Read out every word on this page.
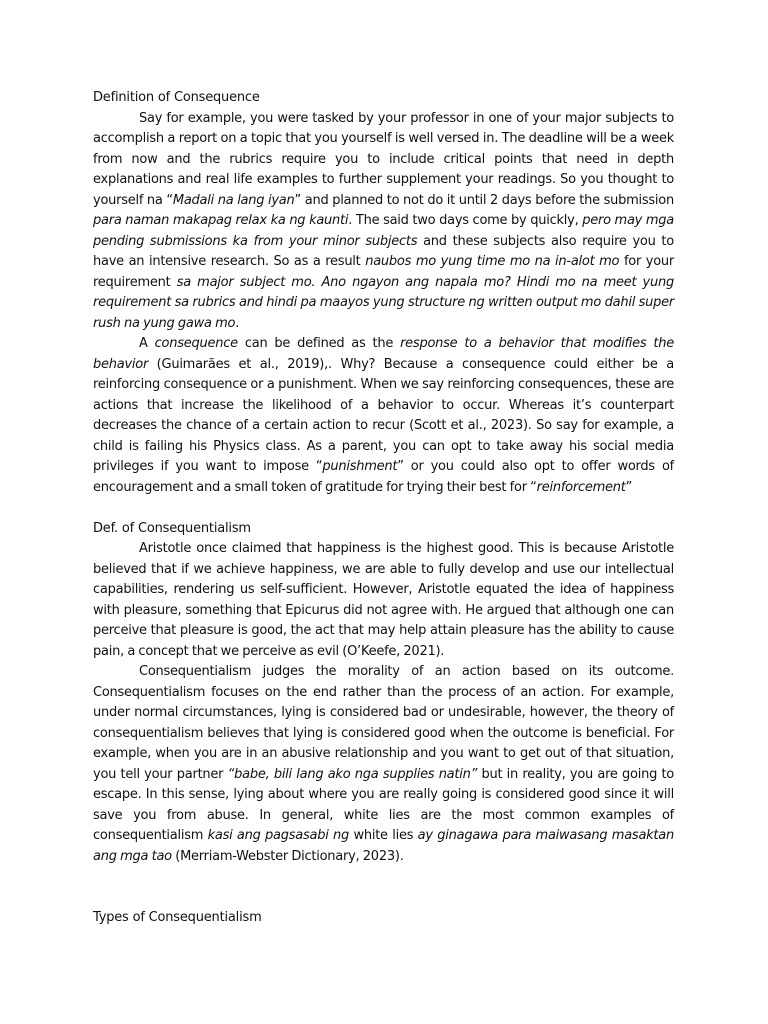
Definition of Consequence

Say for example, you were tasked by your professor in one of your major subjects to accomplish a report on a topic that you yourself is well versed in. The deadline will be a week from now and the rubrics require you to include critical points that need in depth explanations and real life examples to further supplement your readings. So you thought to yourself na “Madali na lang iyan” and planned to not do it until 2 days before the submission para naman makapag relax ka ng kaunti. The said two days come by quickly, pero may mga pending submissions ka from your minor subjects and these subjects also require you to have an intensive research. So as a result naubos mo yung time mo na in-alot mo for your requirement sa major subject mo. Ano ngayon ang napala mo? Hindi mo na meet yung requirement sa rubrics and hindi pa maayos yung structure ng written output mo dahil super rush na yung gawa mo.

A consequence can be defined as the response to a behavior that modifies the behavior (Guimarães et al., 2019),. Why? Because a consequence could either be a reinforcing consequence or a punishment. When we say reinforcing consequences, these are actions that increase the likelihood of a behavior to occur. Whereas it’s counterpart decreases the chance of a certain action to recur (Scott et al., 2023). So say for example, a child is failing his Physics class. As a parent, you can opt to take away his social media privileges if you want to impose “punishment” or you could also opt to offer words of encouragement and a small token of gratitude for trying their best for “reinforcement”

Def. of Consequentialism

Aristotle once claimed that happiness is the highest good. This is because Aristotle believed that if we achieve happiness, we are able to fully develop and use our intellectual capabilities, rendering us self-sufficient. However, Aristotle equated the idea of happiness with pleasure, something that Epicurus did not agree with. He argued that although one can perceive that pleasure is good, the act that may help attain pleasure has the ability to cause pain, a concept that we perceive as evil (O’Keefe, 2021).

Consequentialism judges the morality of an action based on its outcome. Consequentialism focuses on the end rather than the process of an action. For example, under normal circumstances, lying is considered bad or undesirable, however, the theory of consequentialism believes that lying is considered good when the outcome is beneficial. For example, when you are in an abusive relationship and you want to get out of that situation, you tell your partner “babe, bili lang ako nga supplies natin” but in reality, you are going to escape. In this sense, lying about where you are really going is considered good since it will save you from abuse. In general, white lies are the most common examples of consequentialism kasi ang pagsasabi ng white lies ay ginagawa para maiwasang masaktan ang mga tao (Merriam-Webster Dictionary, 2023).

Types of Consequentialism
